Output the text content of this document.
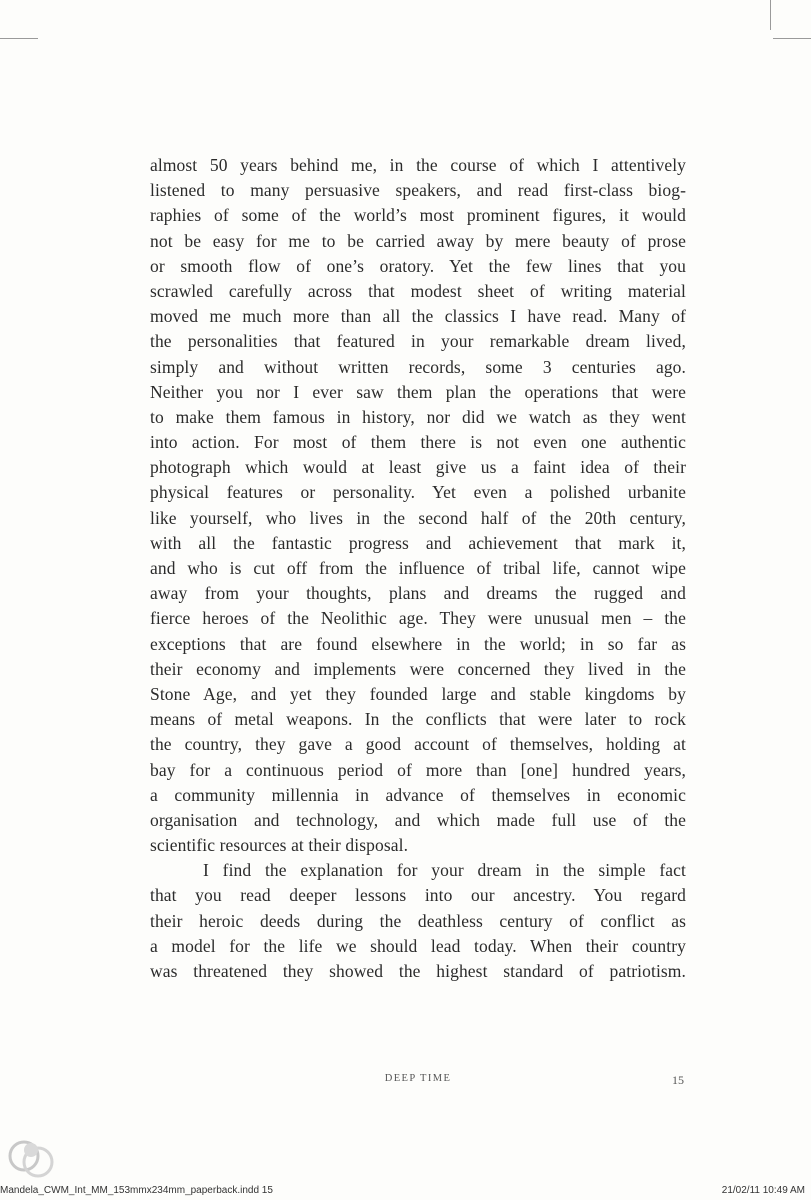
almost 50 years behind me, in the course of which I attentively
listened to many persuasive speakers, and read first-class biog-
raphies of some of the world’s most prominent figures, it would
not be easy for me to be carried away by mere beauty of prose
or smooth flow of one’s oratory. Yet the few lines that you
scrawled carefully across that modest sheet of writing material
moved me much more than all the classics I have read. Many of
the personalities that featured in your remarkable dream lived,
simply and without written records, some 3 centuries ago.
Neither you nor I ever saw them plan the operations that were
to make them famous in history, nor did we watch as they went
into action. For most of them there is not even one authentic
photograph which would at least give us a faint idea of their
physical features or personality. Yet even a polished urbanite
like yourself, who lives in the second half of the 20th century,
with all the fantastic progress and achievement that mark it,
and who is cut off from the influence of tribal life, cannot wipe
away from your thoughts, plans and dreams the rugged and
fierce heroes of the Neolithic age. They were unusual men – the
exceptions that are found elsewhere in the world; in so far as
their economy and implements were concerned they lived in the
Stone Age, and yet they founded large and stable kingdoms by
means of metal weapons. In the conflicts that were later to rock
the country, they gave a good account of themselves, holding at
bay for a continuous period of more than [one] hundred years,
a community millennia in advance of themselves in economic
organisation and technology, and which made full use of the
scientific resources at their disposal.
I find the explanation for your dream in the simple fact
that you read deeper lessons into our ancestry. You regard
their heroic deeds during the deathless century of conflict as
a model for the life we should lead today. When their country
was threatened they showed the highest standard of patriotism.
DEEP TIME	15
Mandela_CWM_Int_MM_153mmx234mm_paperback.indd 15	21/02/11 10:49 AM
